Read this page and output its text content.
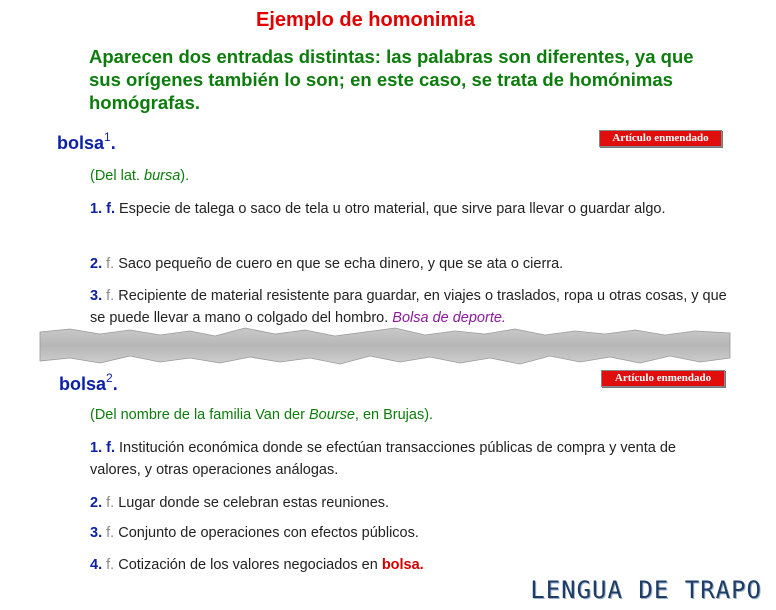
Ejemplo de homonimia
Aparecen dos entradas distintas: las palabras son diferentes, ya que sus orígenes también lo son; en este caso, se trata de homónimas homógrafas.
bolsa$^1$.	Artículo enmendado
(Del lat. bursa).
1. f. Especie de talega o saco de tela u otro material, que sirve para llevar o guardar algo.
2. f. Saco pequeño de cuero en que se echa dinero, y que se ata o cierra.
3. f. Recipiente de material resistente para guardar, en viajes o traslados, ropa u otras cosas, y que se puede llevar a mano o colgado del hombro. Bolsa de deporte.
bolsa$^2$.	Artículo enmendado
(Del nombre de la familia Van der Bourse, en Brujas).
1. f. Institución económica donde se efectúan transacciones públicas de compra y venta de valores, y otras operaciones análogas.
2. f. Lugar donde se celebran estas reuniones.
3. f. Conjunto de operaciones con efectos públicos.
4. f. Cotización de los valores negociados en bolsa.
LENGUA DE TRAPO
